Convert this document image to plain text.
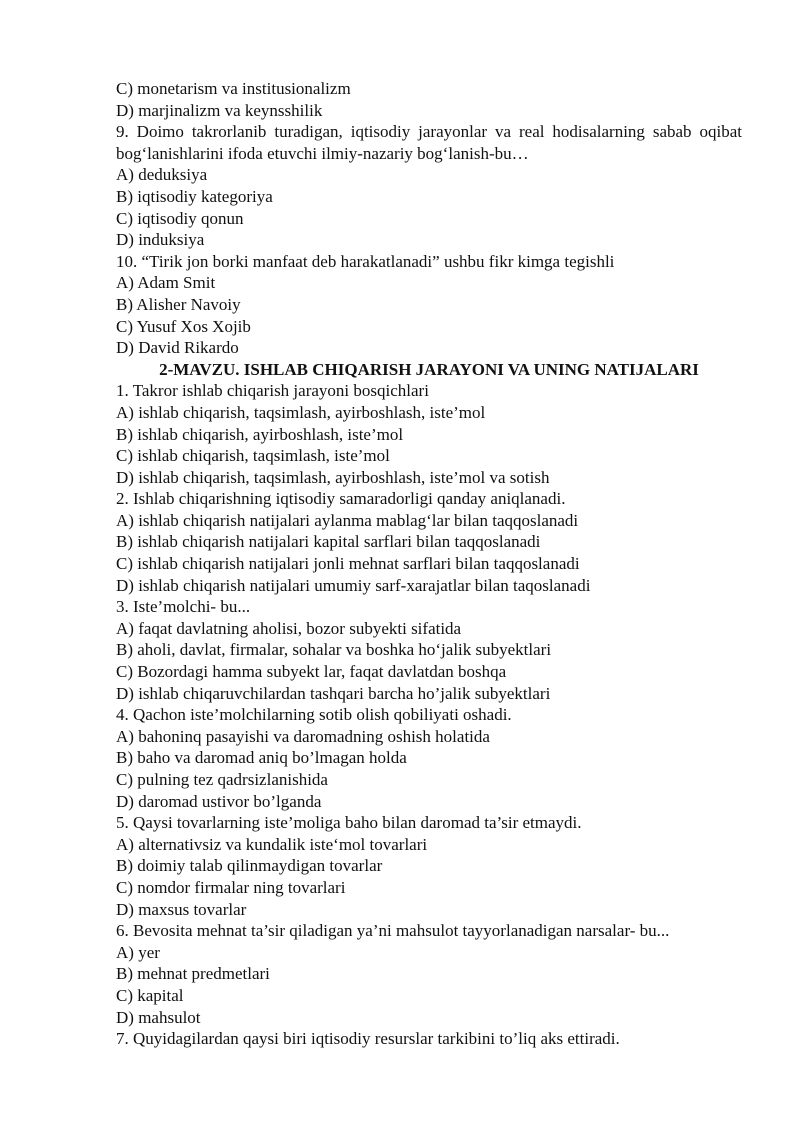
C) monetarism va institusionalizm
D) marjinalizm va keynsshilik
9. Doimo takrorlanib turadigan, iqtisodiy jarayonlar va real hodisalarning sabab oqibat bog‘lanishlarini ifoda etuvchi ilmiy-nazariy bog‘lanish-bu…
A) deduksiya
B) iqtisodiy kategoriya
C) iqtisodiy qonun
D) induksiya
10. “Tirik jon borki manfaat deb harakatlanadi” ushbu fikr kimga tegishli
A) Adam Smit
B) Alisher Navoiy
C) Yusuf Xos Xojib
D) David Rikardo
2-MAVZU. ISHLAB CHIQARISH JARAYONI VA UNING NATIJALARI
1. Takror ishlab chiqarish jarayoni bosqichlari
A) ishlab chiqarish, taqsimlash, ayirboshlash, iste’mol
B) ishlab chiqarish, ayirboshlash, iste’mol
C) ishlab chiqarish, taqsimlash, iste’mol
D) ishlab chiqarish, taqsimlash, ayirboshlash, iste’mol va sotish
2. Ishlab chiqarishning iqtisodiy samaradorligi qanday aniqlanadi.
A) ishlab chiqarish natijalari aylanma mablag‘lar bilan taqqoslanadi
B) ishlab chiqarish natijalari kapital sarflari bilan taqqoslanadi
C) ishlab chiqarish natijalari jonli mehnat sarflari bilan taqqoslanadi
D) ishlab chiqarish natijalari umumiy sarf-xarajatlar bilan taqoslanadi
3. Iste’molchi- bu...
A) faqat davlatning aholisi, bozor subyekti sifatida
B) aholi, davlat, firmalar, sohalar va boshka ho‘jalik subyektlari
C) Bozordagi hamma subyekt lar, faqat davlatdan boshqa
D) ishlab chiqaruvchilardan tashqari barcha ho’jalik subyektlari
4. Qachon iste’molchilarning sotib olish qobiliyati oshadi.
A) bahoninq pasayishi va daromadning oshish holatida
B) baho va daromad aniq bo’lmagan holda
C) pulning tez qadrsizlanishida
D) daromad ustivor bo’lganda
5. Qaysi tovarlarning iste’moliga baho bilan daromad ta’sir etmaydi.
A) alternativsiz va kundalik iste‘mol tovarlari
B) doimiy talab qilinmaydigan tovarlar
C) nomdor firmalar ning tovarlari
D) maxsus tovarlar
6. Bevosita mehnat ta’sir qiladigan ya’ni mahsulot tayyorlanadigan narsalar- bu...
A) yer
B) mehnat predmetlari
C) kapital
D) mahsulot
7. Quyidagilardan qaysi biri iqtisodiy resurslar tarkibini to’liq aks ettiradi.
